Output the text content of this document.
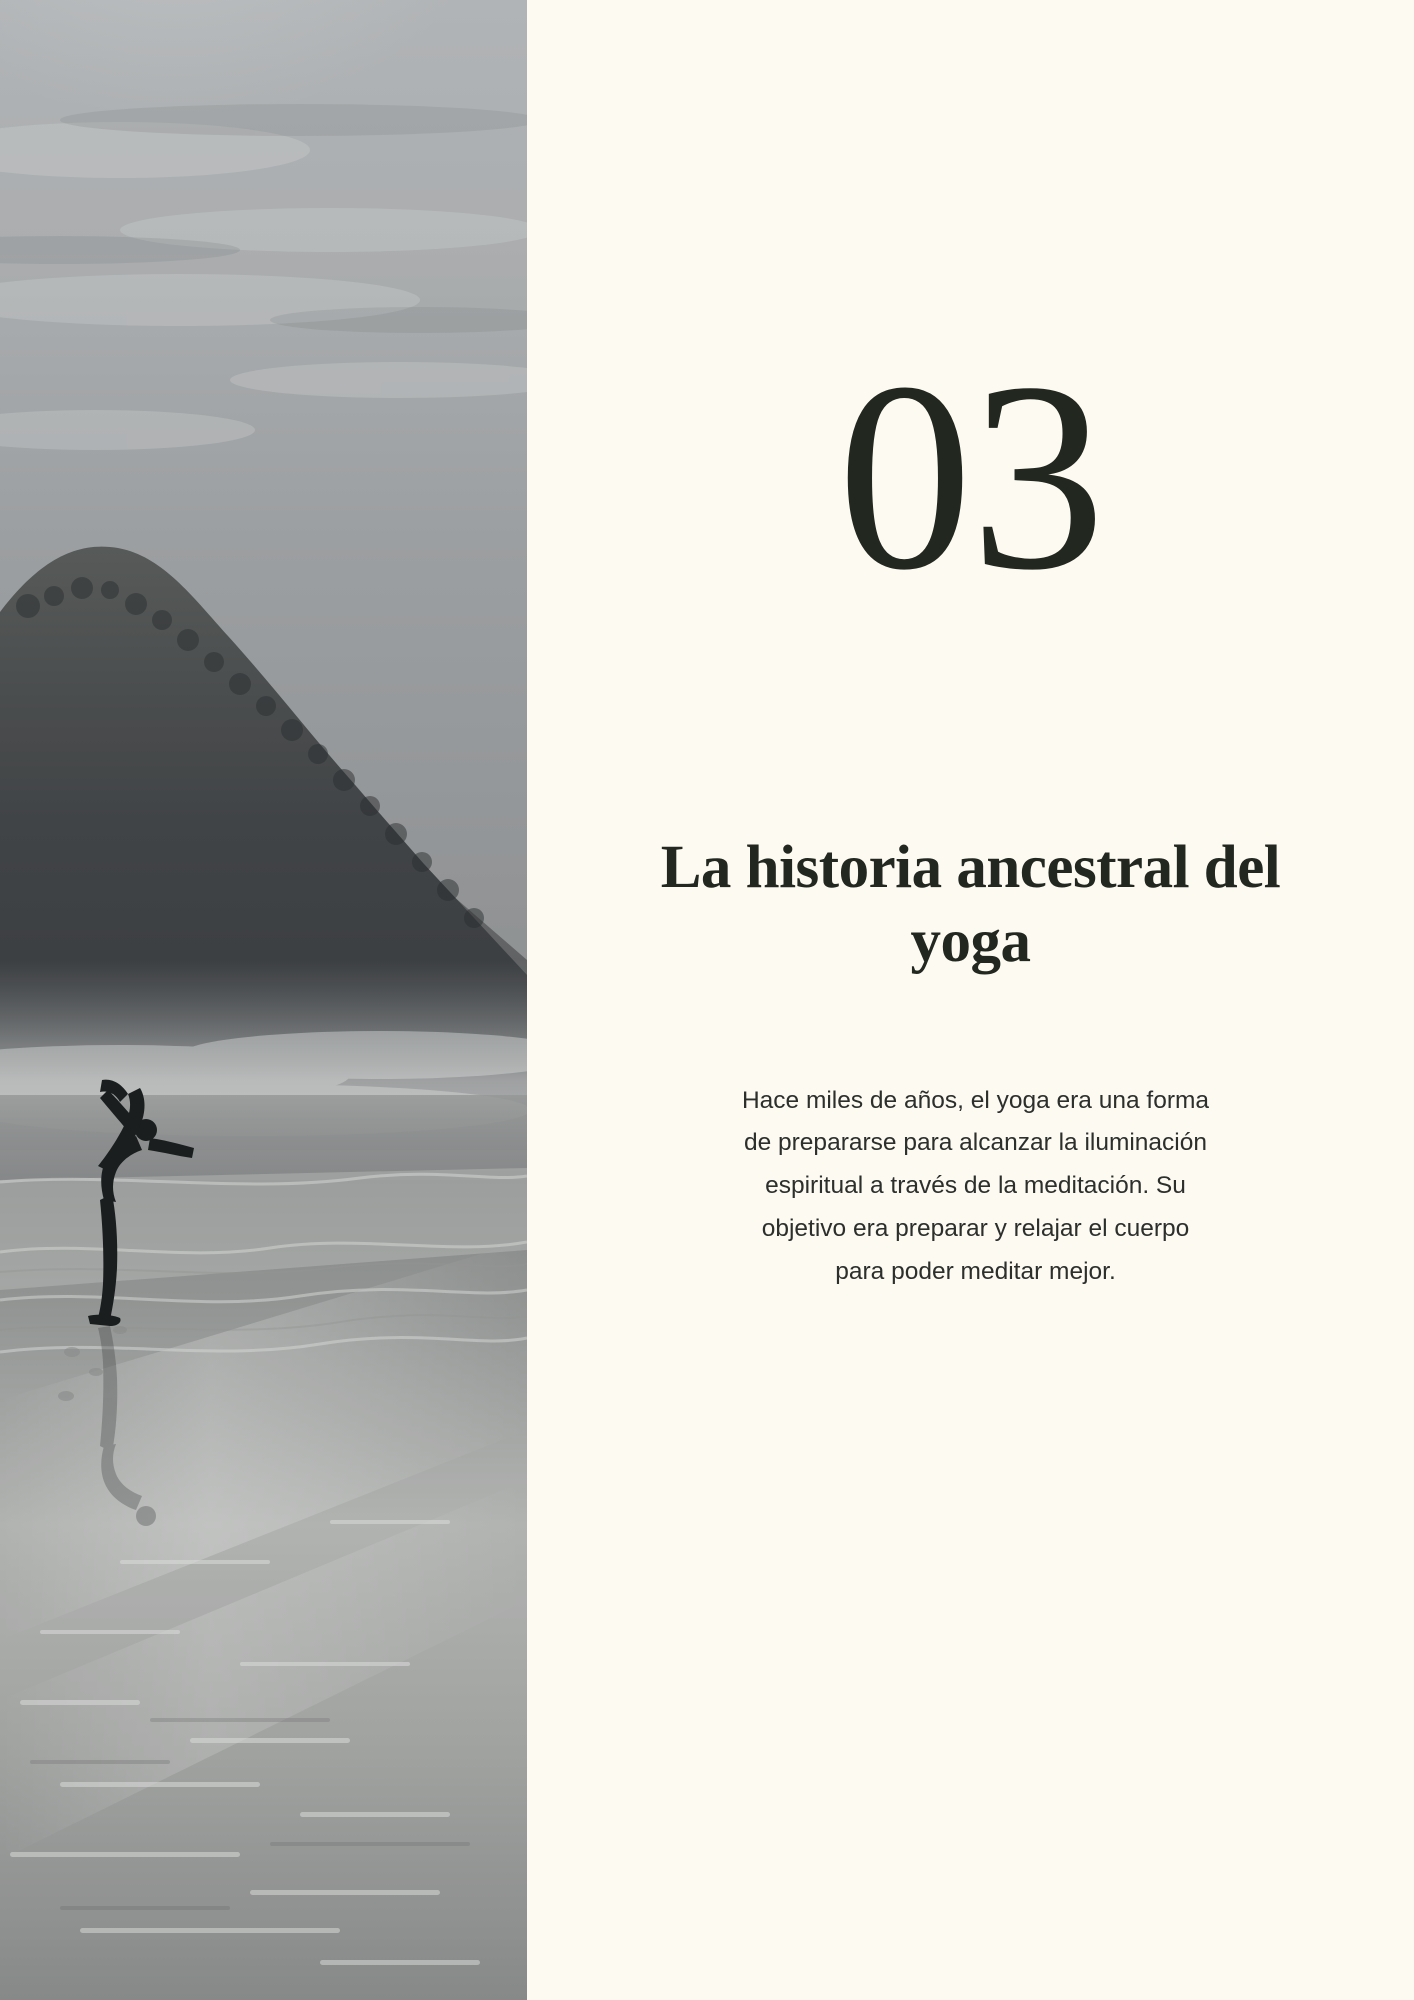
03
La historia ancestral del yoga

Hace miles de años, el yoga era una forma de prepararse para alcanzar la iluminación espiritual a través de la meditación. Su objetivo era preparar y relajar el cuerpo para poder meditar mejor.
